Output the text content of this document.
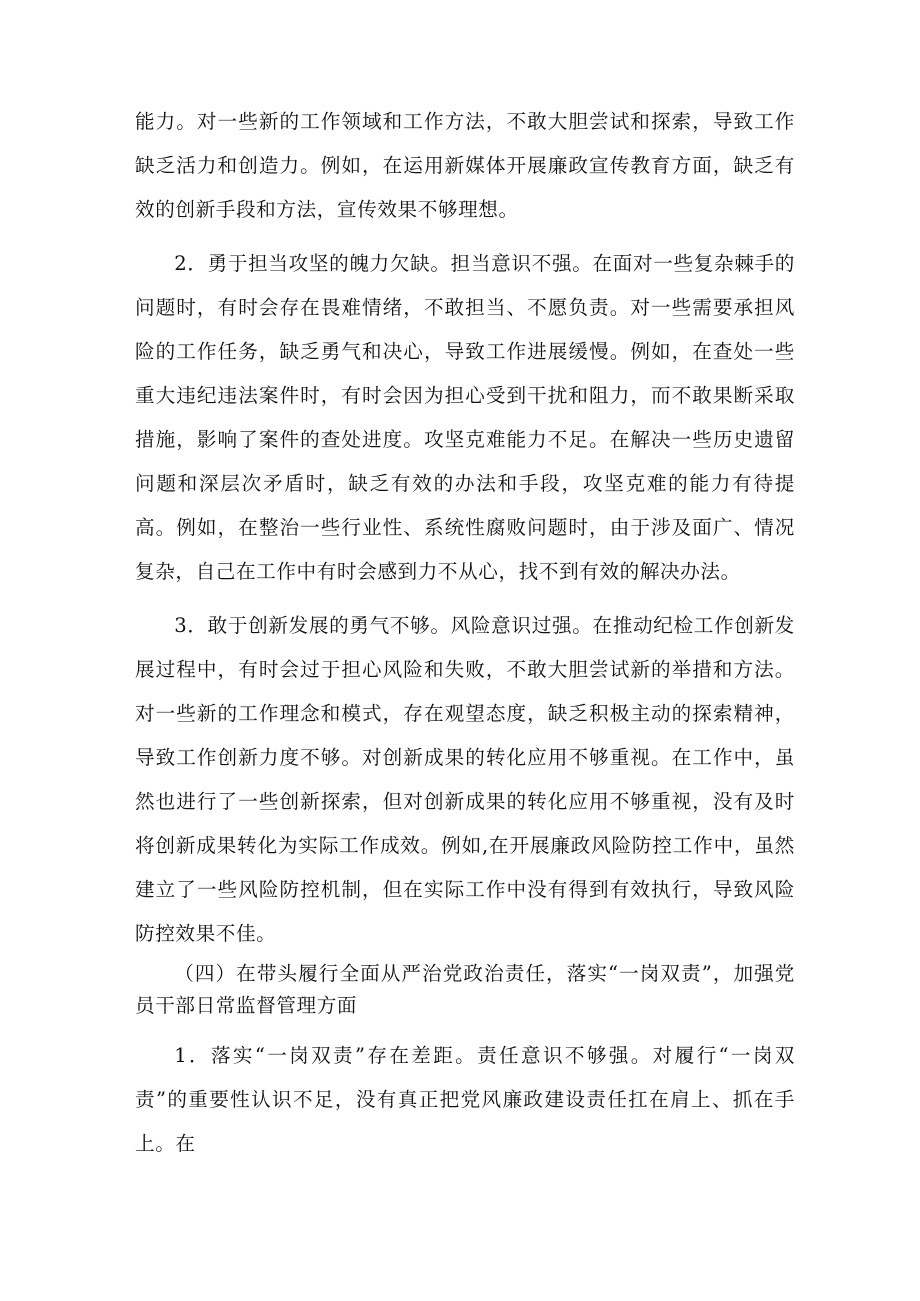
能力。对一些新的工作领域和工作方法，不敢大胆尝试和探索，导致工作缺乏活力和创造力。例如，在运用新媒体开展廉政宣传教育方面，缺乏有效的创新手段和方法，宣传效果不够理想。

2．勇于担当攻坚的魄力欠缺。担当意识不强。在面对一些复杂棘手的问题时，有时会存在畏难情绪，不敢担当、不愿负责。对一些需要承担风险的工作任务，缺乏勇气和决心，导致工作进展缓慢。例如，在查处一些重大违纪违法案件时，有时会因为担心受到干扰和阻力，而不敢果断采取措施，影响了案件的查处进度。攻坚克难能力不足。在解决一些历史遗留问题和深层次矛盾时，缺乏有效的办法和手段，攻坚克难的能力有待提高。例如，在整治一些行业性、系统性腐败问题时，由于涉及面广、情况复杂，自己在工作中有时会感到力不从心，找不到有效的解决办法。

3．敢于创新发展的勇气不够。风险意识过强。在推动纪检工作创新发展过程中，有时会过于担心风险和失败，不敢大胆尝试新的举措和方法。对一些新的工作理念和模式，存在观望态度，缺乏积极主动的探索精神，导致工作创新力度不够。对创新成果的转化应用不够重视。在工作中，虽然也进行了一些创新探索，但对创新成果的转化应用不够重视，没有及时将创新成果转化为实际工作成效。例如,在开展廉政风险防控工作中，虽然建立了一些风险防控机制，但在实际工作中没有得到有效执行，导致风险防控效果不佳。

（四）在带头履行全面从严治党政治责任，落实“一岗双责”，加强党员干部日常监督管理方面

1．落实“一岗双责”存在差距。责任意识不够强。对履行“一岗双责”的重要性认识不足，没有真正把党风廉政建设责任扛在肩上、抓在手上。在
